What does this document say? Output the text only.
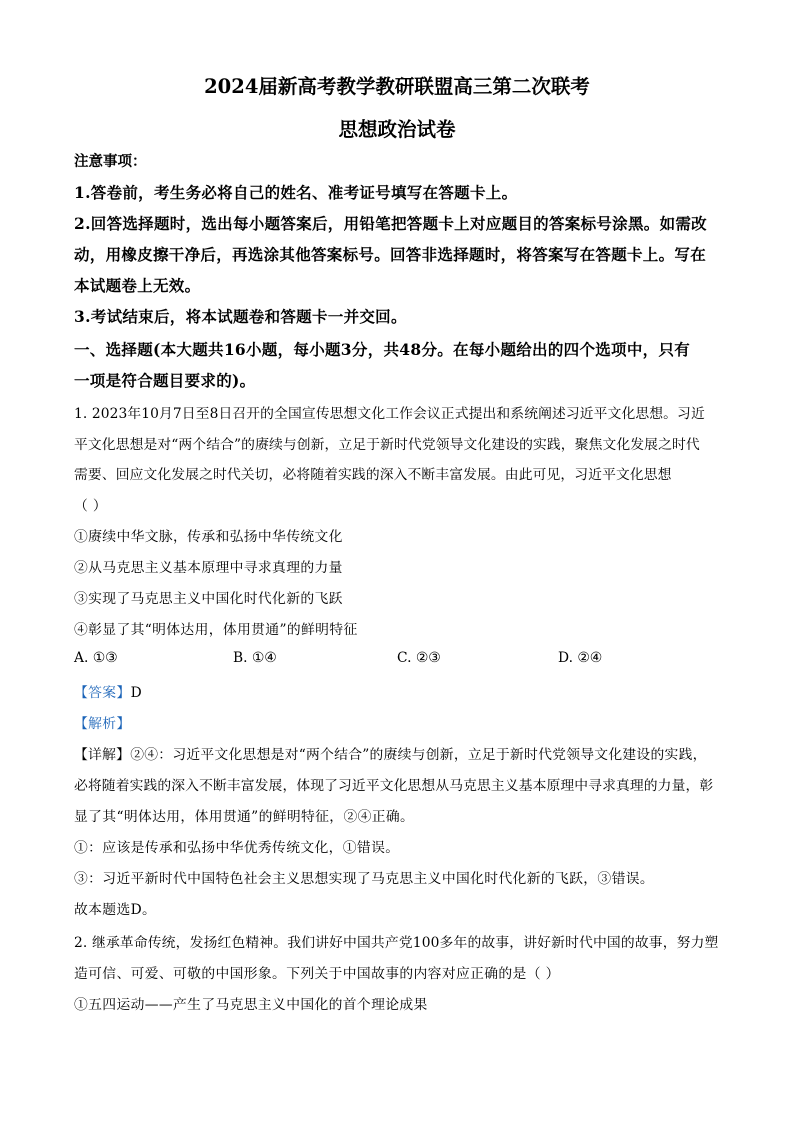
2024届新高考教学教研联盟高三第二次联考
思想政治试卷
注意事项：
1.答卷前，考生务必将自己的姓名、准考证号填写在答题卡上。
2.回答选择题时，选出每小题答案后，用铅笔把答题卡上对应题目的答案标号涂黑。如需改
动，用橡皮擦干净后，再选涂其他答案标号。回答非选择题时，将答案写在答题卡上。写在
本试题卷上无效。
3.考试结束后，将本试题卷和答题卡一并交回。
一、选择题(本大题共16小题，每小题3分，共48分。在每小题给出的四个选项中，只有
一项是符合题目要求的)。
1. 2023年10月7日至8日召开的全国宣传思想文化工作会议正式提出和系统阐述习近平文化思想。习近
平文化思想是对“两个结合”的赓续与创新，立足于新时代党领导文化建设的实践，聚焦文化发展之时代
需要、回应文化发展之时代关切，必将随着实践的深入不断丰富发展。由此可见，习近平文化思想
（ ）
①赓续中华文脉，传承和弘扬中华传统文化
②从马克思主义基本原理中寻求真理的力量
③实现了马克思主义中国化时代化新的飞跃
④彰显了其“明体达用，体用贯通”的鲜明特征
A. ①③	B. ①④	C. ②③	D. ②④
【答案】D
【解析】
【详解】②④：习近平文化思想是对“两个结合”的赓续与创新，立足于新时代党领导文化建设的实践，
必将随着实践的深入不断丰富发展，体现了习近平文化思想从马克思主义基本原理中寻求真理的力量，彰
显了其“明体达用，体用贯通”的鲜明特征，②④正确。
①：应该是传承和弘扬中华优秀传统文化，①错误。
③：习近平新时代中国特色社会主义思想实现了马克思主义中国化时代化新的飞跃，③错误。
故本题选D。
2. 继承革命传统，发扬红色精神。我们讲好中国共产党100多年的故事，讲好新时代中国的故事，努力塑
造可信、可爱、可敬的中国形象。下列关于中国故事的内容对应正确的是（ ）
①五四运动——产生了马克思主义中国化的首个理论成果
